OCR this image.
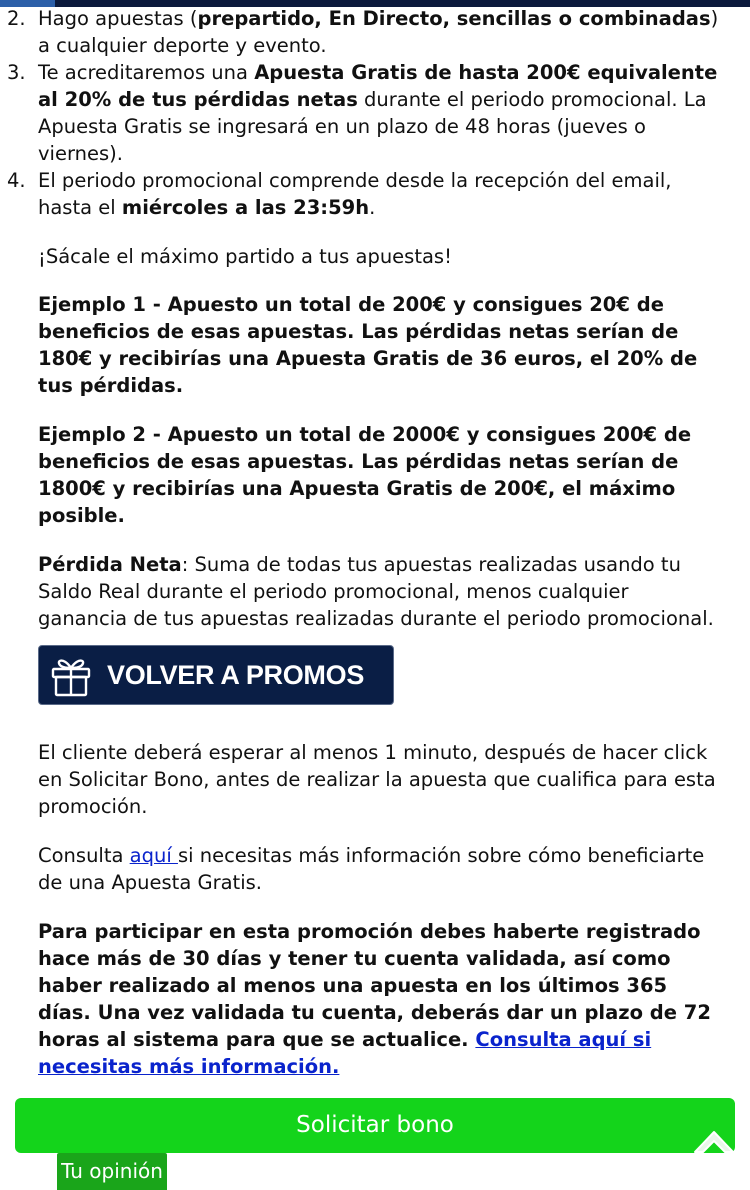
2. Hago apuestas (prepartido, En Directo, sencillas o combinadas) a cualquier deporte y evento.
3. Te acreditaremos una Apuesta Gratis de hasta 200€ equivalente al 20% de tus pérdidas netas durante el periodo promocional. La Apuesta Gratis se ingresará en un plazo de 48 horas (jueves o viernes).
4. El periodo promocional comprende desde la recepción del email, hasta el miércoles a las 23:59h.

¡Sácale el máximo partido a tus apuestas!

Ejemplo 1 - Apuesto un total de 200€ y consigues 20€ de beneficios de esas apuestas. Las pérdidas netas serían de 180€ y recibirías una Apuesta Gratis de 36 euros, el 20% de tus pérdidas.

Ejemplo 2 - Apuesto un total de 2000€ y consigues 200€ de beneficios de esas apuestas. Las pérdidas netas serían de 1800€ y recibirías una Apuesta Gratis de 200€, el máximo posible.

Pérdida Neta: Suma de todas tus apuestas realizadas usando tu Saldo Real durante el periodo promocional, menos cualquier ganancia de tus apuestas realizadas durante el periodo promocional.

VOLVER A PROMOS

El cliente deberá esperar al menos 1 minuto, después de hacer click en Solicitar Bono, antes de realizar la apuesta que cualifica para esta promoción.

Consulta aquí si necesitas más información sobre cómo beneficiarte de una Apuesta Gratis.

Para participar en esta promoción debes haberte registrado hace más de 30 días y tener tu cuenta validada, así como haber realizado al menos una apuesta en los últimos 365 días. Una vez validada tu cuenta, deberás dar un plazo de 72 horas al sistema para que se actualice. Consulta aquí si necesitas más información.

Solicitar bono
Tu opinión
